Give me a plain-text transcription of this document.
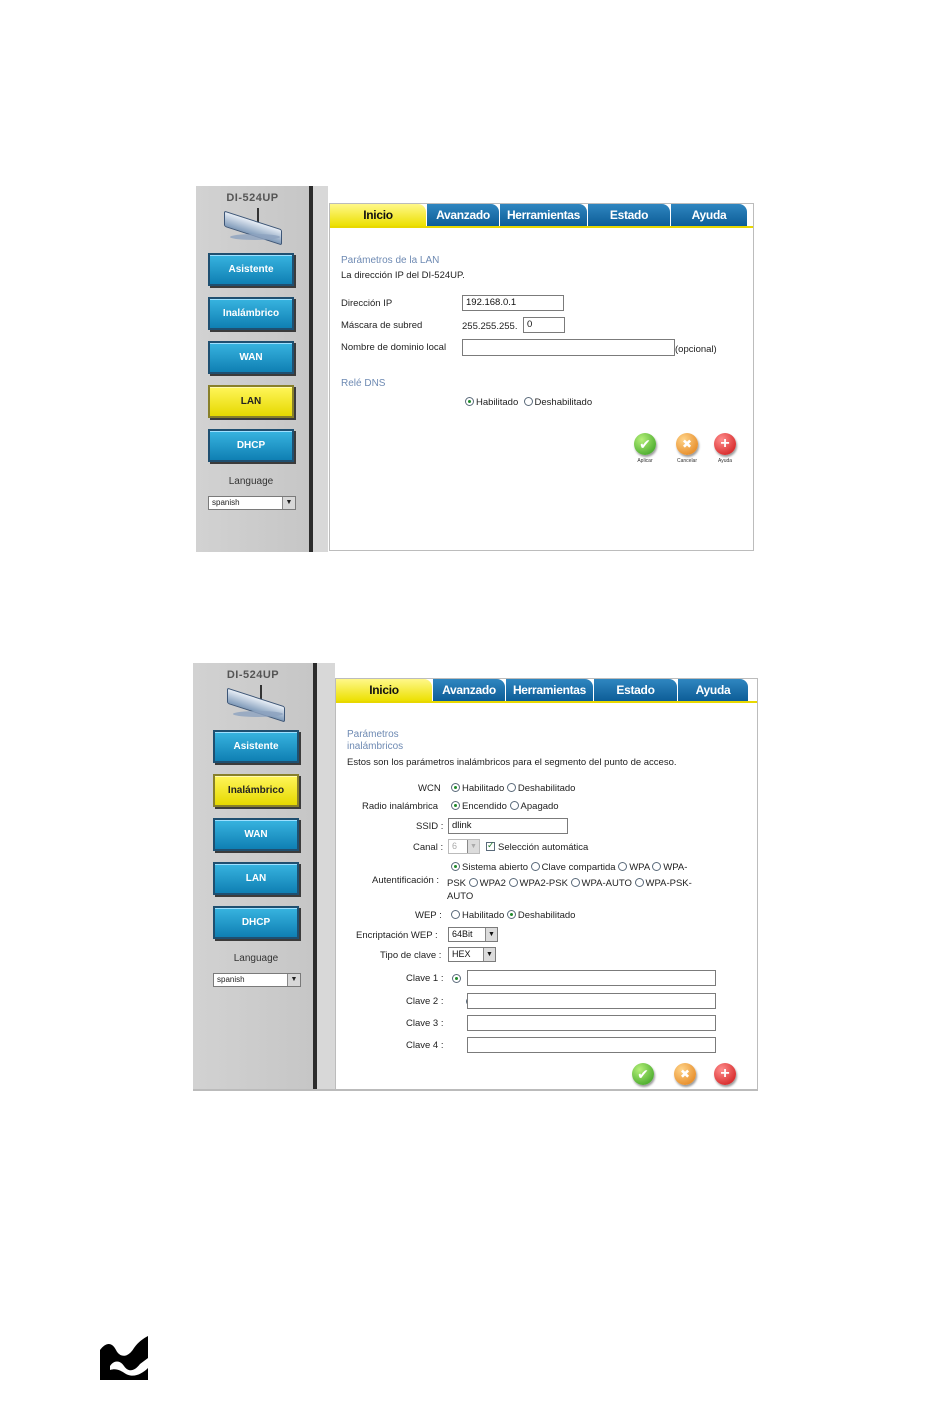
DI-524UP
Asistente
Inalámbrico
WAN
LAN
DHCP
Language
spanish	▼
Inicio	Avanzado	Herramientas	Estado	Ayuda
Parámetros de la LAN
La dirección IP del DI-524UP.
Dirección IP	192.168.0.1
Máscara de subred	255.255.255.	0
Nombre de dominio local	(opcional)
Relé DNS
Habilitado Deshabilitado
✔
Aplicar
✖
Cancelar
+
Ayuda
DI-524UP
Asistente
Inalámbrico
WAN
LAN
DHCP
Language
spanish	▼
Inicio	Avanzado	Herramientas	Estado	Ayuda
Parámetros
inalámbricos
Estos son los parámetros inalámbricos para el segmento del punto de acceso.
WCN	Habilitado Deshabilitado
Radio inalámbrica	Encendido Apagado
SSID : dlink
Canal : 6	▼
✓	Selección automática
Sistema abierto Clave compartida WPA WPA-
Autentificación : PSK WPA2 WPA2-PSK WPA-AUTO WPA-PSK-
AUTO
WEP :	Habilitado Deshabilitado
Encriptación WEP :	64Bit	▼
Tipo de clave :	HEX	▼
Clave 1 :

Clave 2 :

Clave 3 :

Clave 4 :
✔	✖ +
